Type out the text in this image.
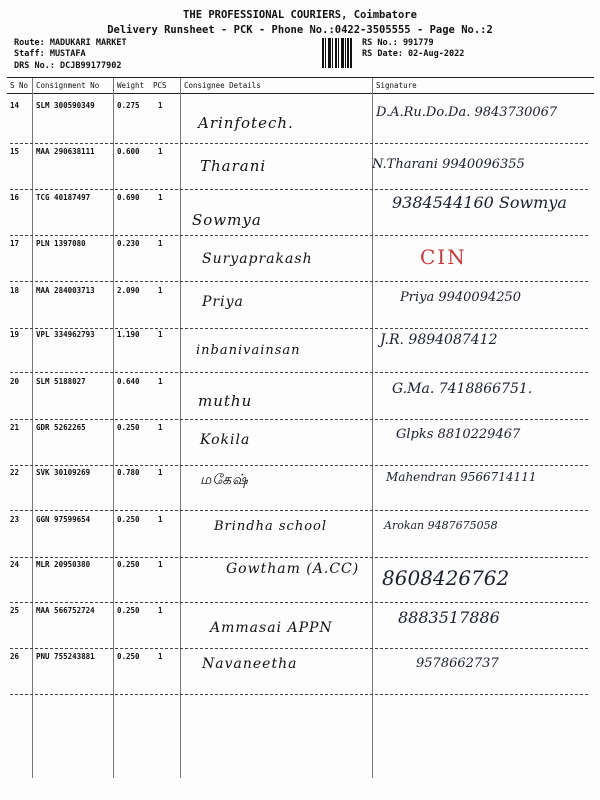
THE PROFESSIONAL COURIERS, Coimbatore
Delivery Runsheet - PCK - Phone No.:0422-3505555 - Page No.:2
Route: MADUKARI MARKET
Staff: MUSTAFA
DRS No.: DCJB99177902
RS No.: 991779
RS Date: 02-Aug-2022
S No Consignment No Weight PCS Consignee Details	Signature
14 SLM 300590349	0.275 1
Arinfotech.
D.A.Ru.Do.Da. 9843730067
15 MAA 290638111	0.600 1
Tharani	N.Tharani 9940096355
16 TCG 40187497	0.690 1
Sowmya
9384544160 Sowmya
17 PLN 1397080	0.230 1
Suryaprakash	CIN
18 MAA 284003713	2.090 1
Priya	Priya 9940094250
19 VPL 334962793	1.190 1
inbanivainsan
J.R. 9894087412
20 SLM 5188027	0.640 1
muthu
G.Ma. 7418866751.
21 GDR 5262265	0.250 1
Kokila	Glpks 8810229467
22 SVK 30109269	0.780 1	மகேஷ்	Mahendran 9566714111
23 GGN 97599654	0.250 1	Brindha school	Arokan 9487675058
24 MLR 20950380	0.250 1	Gowtham (A.CC) 8608426762
25 MAA 566752724	0.250 1
Ammasai APPN
8883517886
26 PNU 755243881	0.250 1	Navaneetha	9578662737
